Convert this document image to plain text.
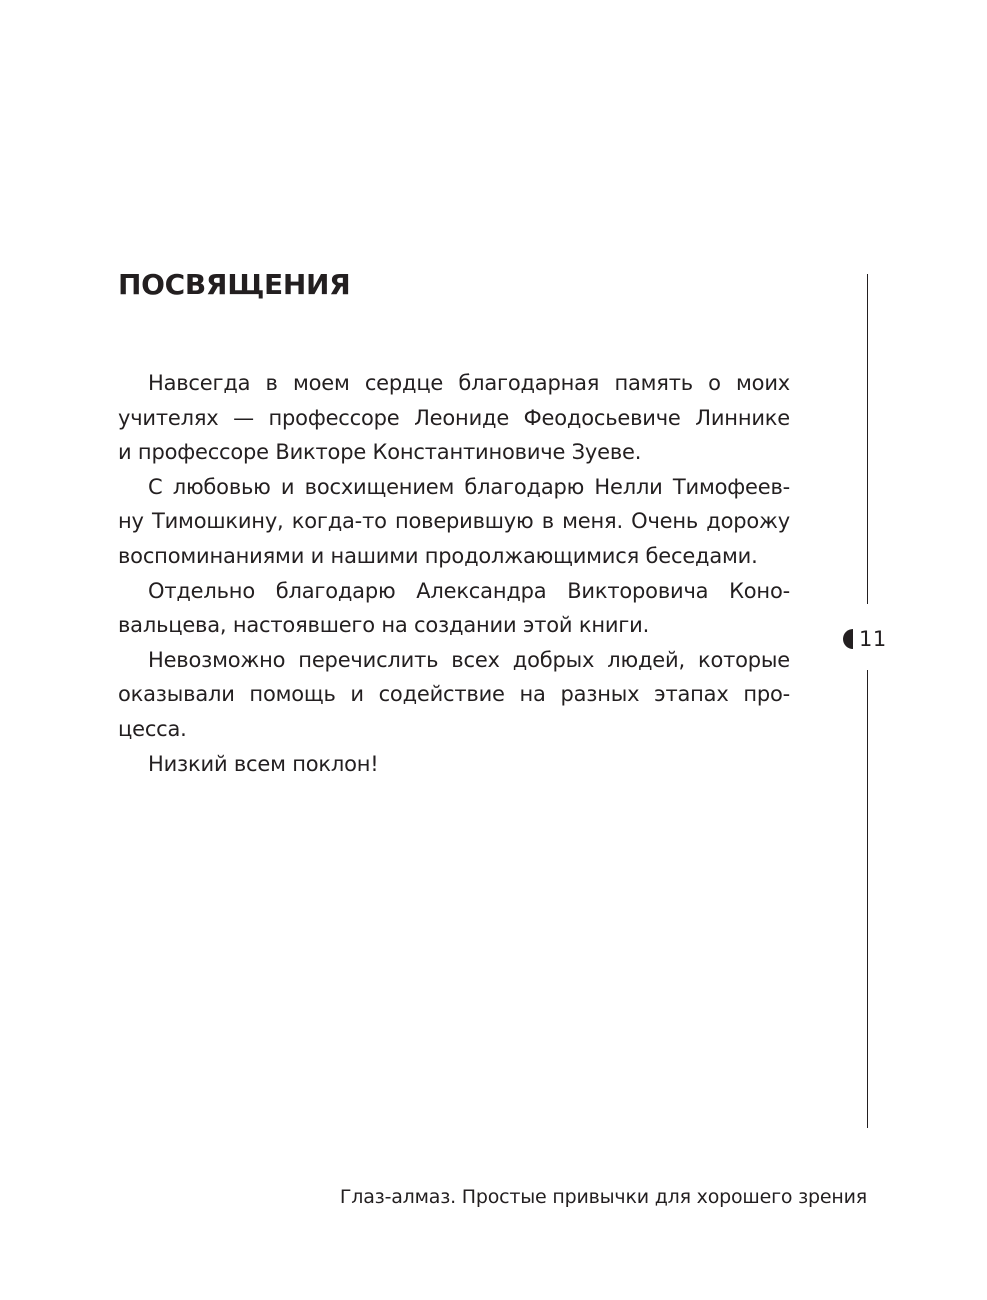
ПОСВЯЩЕНИЯ

Навсегда в моем сердце благодарная память о моих
учителях — профессоре Леониде Феодосьевиче Линнике
и профессоре Викторе Константиновиче Зуеве.

С любовью и восхищением благодарю Нелли Тимофеев-
ну Тимошкину, когда-то поверившую в меня. Очень дорожу
воспоминаниями и нашими продолжающимися беседами.

Отдельно благодарю Александра Викторовича Коно-
вальцева, настоявшего на создании этой книги.

Невозможно перечислить всех добрых людей, которые
оказывали помощь и содействие на разных этапах про-
цесса.

Низкий всем поклон!

11
Глаз-алмаз. Простые привычки для хорошего зрения
